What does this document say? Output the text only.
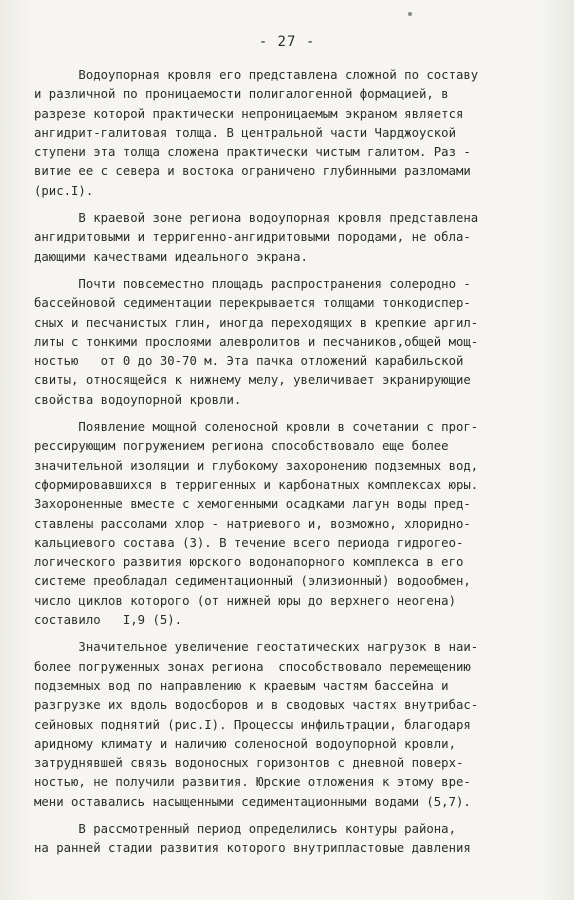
- 27 -
Водоупорная кровля его представлена сложной по составу
и различной по проницаемости полигалогенной формацией, в
разрезе которой практически непроницаемым экраном является
ангидрит-галитовая толща. В центральной части Чарджоуской
ступени эта толща сложена практически чистым галитом. Раз -
витие ее с севера и востока ограничено глубинными разломами
(рис.I).
В краевой зоне региона водоупорная кровля представлена
ангидритовыми и терригенно-ангидритовыми породами, не обла-
дающими качествами идеального экрана.
Почти повсеместно площадь распространения солеродно -
бассейновой седиментации перекрывается толщами тонкодиспер-
сных и песчанистых глин, иногда переходящих в крепкие аргил-
литы с тонкими прослоями алевролитов и песчаников,общей мощ-
ностью   от 0 до 30-70 м. Эта пачка отложений карабильской
свиты, относящейся к нижнему мелу, увеличивает экранирующие
свойства водоупорной кровли.
Появление мощной соленосной кровли в сочетании с прог-
рессирующим погружением региона способствовало еще более
значительной изоляции и глубокому захоронению подземных вод,
сформировавшихся в терригенных и карбонатных комплексах юры.
Захороненные вместе с хемогенными осадками лагун воды пред-
ставлены рассолами хлор - натриевого и, возможно, хлоридно-
кальциевого состава (3). В течение всего периода гидрогео-
логического развития юрского водонапорного комплекса в его
системе преобладал седиментационный (элизионный) водообмен,
число циклов которого (от нижней юры до верхнего неогена)
составило   I,9 (5).
Значительное увеличение геостатических нагрузок в наи-
более погруженных зонах региона  способствовало перемещению
подземных вод по направлению к краевым частям бассейна и
разгрузке их вдоль водосборов и в сводовых частях внутрибас-
сейновых поднятий (рис.I). Процессы инфильтрации, благодаря
аридному климату и наличию соленосной водоупорной кровли,
затруднявшей связь водоносных горизонтов с дневной поверх-
ностью, не получили развития. Юрские отложения к этому вре-
мени оставались насыщенными седиментационными водами (5,7).
В рассмотренный период определились контуры района,
на ранней стадии развития которого внутрипластовые давления
